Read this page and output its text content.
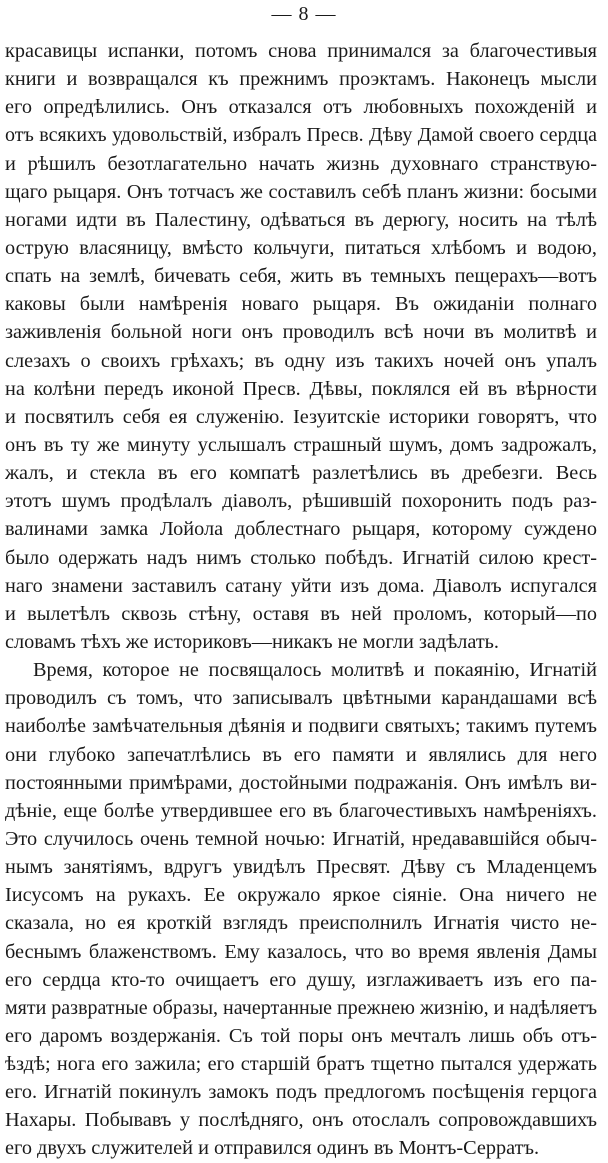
— 8 —
красавицы испанки, потомъ снова принимался за благочестивыя
книги и возвращался къ прежнимъ проэктамъ. Наконецъ мысли
его опредѣлились. Онъ отказался отъ любовныхъ похожденій и
отъ всякихъ удовольствій, избралъ Пресв. Дѣву Дамой своего сердца
и рѣшилъ безотлагательно начать жизнь духовнаго странствую-
щаго рыцаря. Онъ тотчасъ же составилъ себѣ планъ жизни: босыми
ногами идти въ Палестину, одѣваться въ дерюгу, носить на тѣлѣ
острую власяницу, вмѣсто кольчуги, питаться хлѣбомъ и водою,
спать на землѣ, бичевать себя, жить въ темныхъ пещерахъ—вотъ
каковы были намѣренія новаго рыцаря. Въ ожиданіи полнаго
заживленія больной ноги онъ проводилъ всѣ ночи въ молитвѣ и
слезахъ о своихъ грѣхахъ; въ одну изъ такихъ ночей онъ упалъ
на колѣни передъ иконой Пресв. Дѣвы, поклялся ей въ вѣрности
и посвятилъ себя ея служенію. Іезуитскіе историки говорятъ, что
онъ въ ту же минуту услышалъ страшный шумъ, домъ задрожалъ,
жалъ, и стекла въ его компатѣ разлетѣлись въ дребезги. Весь
этотъ шумъ продѣлалъ діаволъ, рѣшившій похоронить подъ раз-
валинами замка Лойола доблестнаго рыцаря, которому суждено
было одержать надъ нимъ столько побѣдъ. Игнатій силою крест-
наго знамени заставилъ сатану уйти изъ дома. Діаволъ испугался
и вылетѣлъ сквозь стѣну, оставя въ ней проломъ, который—по
словамъ тѣхъ же историковъ—никакъ не могли задѣлать.
Время, которое не посвящалось молитвѣ и покаянію, Игнатій
проводилъ съ томъ, что записывалъ цвѣтными карандашами всѣ
наиболѣе замѣчательныя дѣянія и подвиги святыхъ; такимъ путемъ
они глубоко запечатлѣлись въ его памяти и являлись для него
постоянными примѣрами, достойными подражанія. Онъ имѣлъ ви-
дѣніе, еще болѣе утвердившее его въ благочестивыхъ намѣреніяхъ.
Это случилось очень темной ночью: Игнатій, нредававшійся обыч-
нымъ занятіямъ, вдругъ увидѣлъ Пресвят. Дѣву съ Младенцемъ
Іисусомъ на рукахъ. Ее окружало яркое сіяніе. Она ничего не
сказала, но ея кроткій взглядъ преисполнилъ Игнатія чисто не-
беснымъ блаженствомъ. Ему казалось, что во время явленія Дамы
его сердца кто-то очищаетъ его душу, изглаживаетъ изъ его па-
мяти развратные образы, начертанные прежнею жизнію, и надѣляетъ
его даромъ воздержанія. Съ той поры онъ мечталъ лишь объ отъ-
ѣздѣ; нога его зажила; его старшій братъ тщетно пытался удержать
его. Игнатій покинулъ замокъ подъ предлогомъ посѣщенія герцога
Нахары. Побывавъ у послѣдняго, онъ отослалъ сопровождавшихъ
его двухъ служителей и отправился одинъ въ Монтъ-Серратъ.
